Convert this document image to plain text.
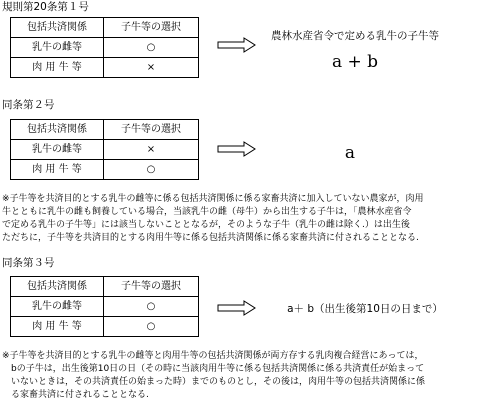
規則第20条第１号
包括共済関係	子牛等の選択
乳牛の雌等	○
肉 用 牛 等	×
農林水産省令で定める乳牛の子牛等
a + b
同条第２号
包括共済関係	子牛等の選択
乳牛の雌等	×
肉 用 牛 等	○
a
※子牛等を共済目的とする乳牛の雌等に係る包括共済関係に係る家畜共済に加入していない農家が，肉用
牛とともに乳牛の雌も飼養している場合，当該乳牛の雌（母牛）から出生する子牛は，「農林水産省令
で定める乳牛の子牛等」には該当しないこととなるが，そのような子牛（乳牛の雌は除く.）は出生後
ただちに，子牛等を共済目的とする肉用牛等に係る包括共済関係に係る家畜共済に付されることとなる.
同条第３号
包括共済関係	子牛等の選択
乳牛の雌等	○
肉 用 牛 等	○
a＋ b（出生後第10日の日まで）
※子牛等を共済目的とする乳牛の雌等と肉用牛等の包括共済関係が両方存する乳肉複合経営にあっては，
　bの子牛は，出生後第10日の日（その時に当該肉用牛等に係る包括共済関係に係る共済責任が始まって
　いないときは，その共済責任の始まった時）までのものとし，その後は，肉用牛等の包括共済関係に係
　る家畜共済に付されることとなる.
